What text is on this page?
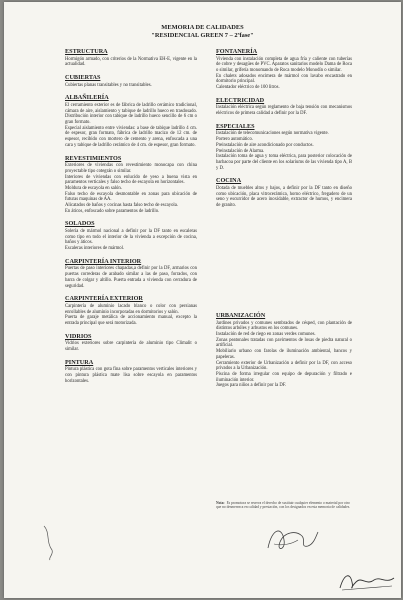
MEMORIA DE CALIDADES
"RESIDENCIAL GREEN 7 – 2ªfase"
ESTRUCTURA

Hormigón armado, con criterios de la Normativa EH-E, vigente en la actualidad.

CUBIERTAS

Cubiertas planas transitables y no transitables.

ALBAÑILERÍA

El cerramiento exterior es de fábrica de ladrillo cerámico tradicional, cámara de aire, aislamiento y tabique de ladrillo hueco en trasdosado. Distribución interior con tabique de ladrillo hueco sencillo de 6 cm o gran formato.

Especial aislamiento entre viviendas: a base de tabique ladrillo 4 cm. de espesor, gran formato, fábrica de ladrillo macizo de 12 cm. de espesor, recibido con mortero de cemento y arena, enfoscada a una cara y tabique de ladrillo cerámico de 4 cm. de espesor, gran formato.

REVESTIMIENTOS

Exteriores de viviendas con revestimiento monocapa con china proyectable tipo cotegrán o similar.

Interiores de viviendas con enlucido de yeso a buena vista en paramentos verticales y falso techo de escayola en horizontales.

Moldura de escayola en salón.

Falso techo de escayola desmontable en zonas para ubicación de futuras maquinas de AA.

Alicatados de baños y cocinas hasta falso techo de escayola.

En áticos, enfoscado sobre paramentos de ladrillo.

SOLADOS

Solería de mármol nacional a definir por la DF tanto en escaleras como tipo en todo el interior de la vivienda a excepción de cocina, baños y áticos.

Escaleras interiores de mármol.

CARPINTERÍA INTERIOR

Puertas de paso interiores chapadas,a definir por la DF, armarios con puertas correderas de arabado similar a las de paso, forrados, con barra de colgar y altillo. Puerta entrada a vivienda con cerradura de seguridad.

CARPINTERÍA EXTERIOR

Carpintería de aluminio lacado blanco o color con persianas enrollables de aluminio incorporadas en dormitorios y salón.

Puerta de garaje metálica de accionamiento manual, excepto la entrada principal que será motorizada.

VIDRIOS

Vidrios exteriores sobre carpintería de aluminio tipo Climalit o similar.

PINTURA

Pintura plástica con gota fina sobre paramentos verticales interiores y con pintura plástica mate lisa sobre escayola en paramentos horizontales.

FONTANERÍA

Vivienda con instalación completa de agua fría y caliente con tuberías de cobre y desagües de PVC. Aparatos sanitarios modelo Dama de Roca o similar, grifería monomando de Roca modelo Monodín o similar.

En chalets adosados encimera de mármol con lavabo encastrado en dormitorio principal.

Calentador eléctrico de 100 litros.

ELECTRICIDAD

Instalación eléctrica según reglamento de baja tensión con mecanismos eléctricos de primera calidad a definir por la DF.

ESPECIALES

Instalación de telecomunicaciones según normativa vigente.

Portero automático.

Preinstalación de aire acondicionado por conductos.

Preinstalación de Alarma.

Instalación toma de agua y toma eléctrica, para posterior colocación de barbacoa por parte del cliente en los solariums de las vivienda tipo A, B y D.

COCINA

Dotada de muebles altos y bajos, a definir por la DF tanto en diseño como ubicación, placa vitrocerámica, horno eléctrico, fregadero de un seno y escurridor de acero inoxidable, extractor de humos, y encimera de granito.

URBANIZACIÓN

Jardines privados y comunes sembrados de césped, con plantación de distintos arbóles y arbustos en los comunes.

Instalación de red de riego en zonas verdes comunes.

Zonas peatonales tratadas con pavimentos de losas de piedra natural o artificial.

Mobiliario urbano con farolas de iluminación ambiental, bancos y papeleras.

Cerramiento exterior de Urbanización a definir por la DF, con acceso privados a la Urbanización.

Piscina de forma irregular con equipo de depuración y filtrado e iluminación interior.

Juegos para niños a definir por la DF.

Nota: Es promotora se reserva el derecho de sustituir cualquier elemento o material por otro que no desmerezca en calidad y prestación, con los designados en esta memoria de calidades.
